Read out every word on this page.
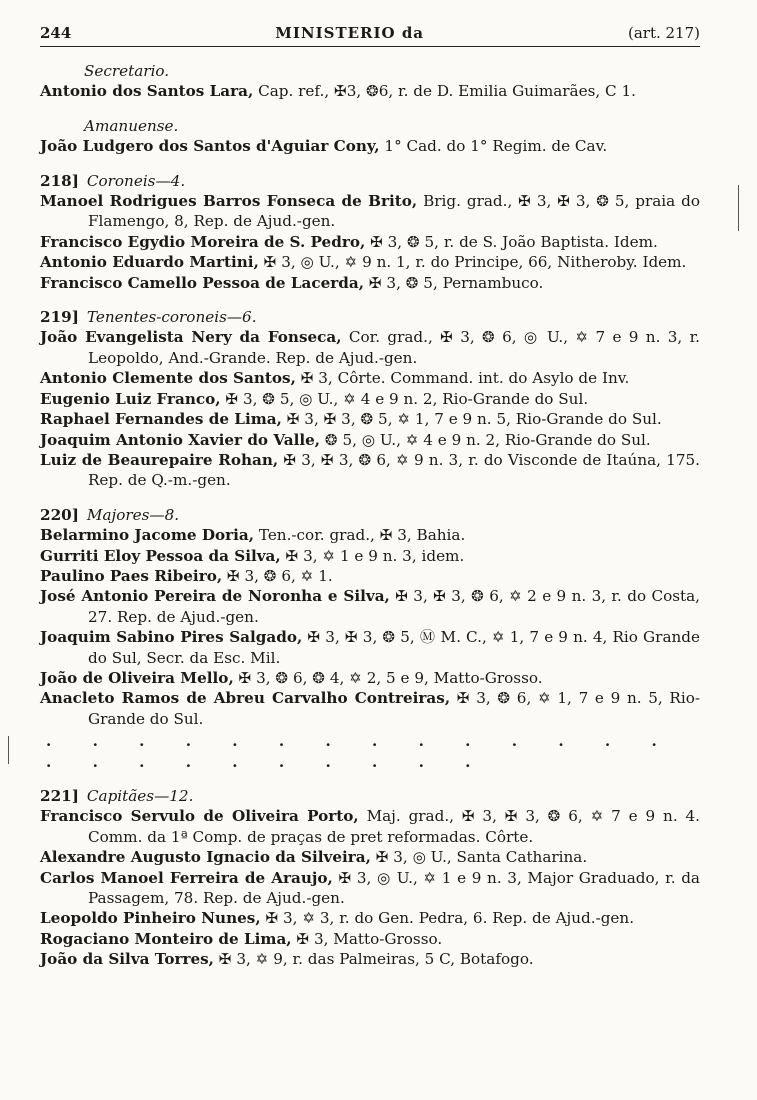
244	MINISTERIO da	(art. 217)
Secretario.
Antonio dos Santos Lara, Cap. ref., ✠3, ❂6, r. de D. Emilia Guimarães, C 1.
Amanuense.
João Ludgero dos Santos d'Aguiar Cony, 1° Cad. do 1° Regim. de Cav.
218] Coroneis—4.
Manoel Rodrigues Barros Fonseca de Brito, Brig. grad., ✠ 3, ✠ 3, ❂ 5, praia do Flamengo, 8, Rep. de Ajud.-gen.
Francisco Egydio Moreira de S. Pedro, ✠ 3, ❂ 5, r. de S. João Baptista. Idem.
Antonio Eduardo Martini, ✠ 3, ◎ U., ✡ 9 n. 1, r. do Principe, 66, Nitheroby. Idem.
Francisco Camello Pessoa de Lacerda, ✠ 3, ❂ 5, Pernambuco.
219] Tenentes-coroneis—6.
João Evangelista Nery da Fonseca, Cor. grad., ✠ 3, ❂ 6, ◎ U., ✡ 7 e 9 n. 3, r. Leopoldo, And.-Grande. Rep. de Ajud.-gen.
Antonio Clemente dos Santos, ✠ 3, Côrte. Command. int. do Asylo de Inv.
Eugenio Luiz Franco, ✠ 3, ❂ 5, ◎ U., ✡ 4 e 9 n. 2, Rio-Grande do Sul.
Raphael Fernandes de Lima, ✠ 3, ✠ 3, ❂ 5, ✡ 1, 7 e 9 n. 5, Rio-Grande do Sul.
Joaquim Antonio Xavier do Valle, ❂ 5, ◎ U., ✡ 4 e 9 n. 2, Rio-Grande do Sul.
Luiz de Beaurepaire Rohan, ✠ 3, ✠ 3, ❂ 6, ✡ 9 n. 3, r. do Visconde de Itaúna, 175. Rep. de Q.-m.-gen.
220] Majores—8.
Belarmino Jacome Doria, Ten.-cor. grad., ✠ 3, Bahia.
Gurriti Eloy Pessoa da Silva, ✠ 3, ✡ 1 e 9 n. 3, idem.
Paulino Paes Ribeiro, ✠ 3, ❂ 6, ✡ 1.
José Antonio Pereira de Noronha e Silva, ✠ 3, ✠ 3, ❂ 6, ✡ 2 e 9 n. 3, r. do Costa, 27. Rep. de Ajud.-gen.
Joaquim Sabino Pires Salgado, ✠ 3, ✠ 3, ❂ 5, Ⓜ M. C., ✡ 1, 7 e 9 n. 4, Rio Grande do Sul, Secr. da Esc. Mil.
João de Oliveira Mello, ✠ 3, ❂ 6, ❂ 4, ✡ 2, 5 e 9, Matto-Grosso.
Anacleto Ramos de Abreu Carvalho Contreiras, ✠ 3, ❂ 6, ✡ 1, 7 e 9 n. 5, Rio-Grande do Sul.
. . . . . . . . . . . . . . . . . . . . . . . .
221] Capitães—12.
Francisco Servulo de Oliveira Porto, Maj. grad., ✠ 3, ✠ 3, ❂ 6, ✡ 7 e 9 n. 4. Comm. da 1ª Comp. de praças de pret reformadas. Côrte.
Alexandre Augusto Ignacio da Silveira, ✠ 3, ◎ U., Santa Catharina.
Carlos Manoel Ferreira de Araujo, ✠ 3, ◎ U., ✡ 1 e 9 n. 3, Major Graduado, r. da Passagem, 78. Rep. de Ajud.-gen.
Leopoldo Pinheiro Nunes, ✠ 3, ✡ 3, r. do Gen. Pedra, 6. Rep. de Ajud.-gen.
Rogaciano Monteiro de Lima, ✠ 3, Matto-Grosso.
João da Silva Torres, ✠ 3, ✡ 9, r. das Palmeiras, 5 C, Botafogo.
